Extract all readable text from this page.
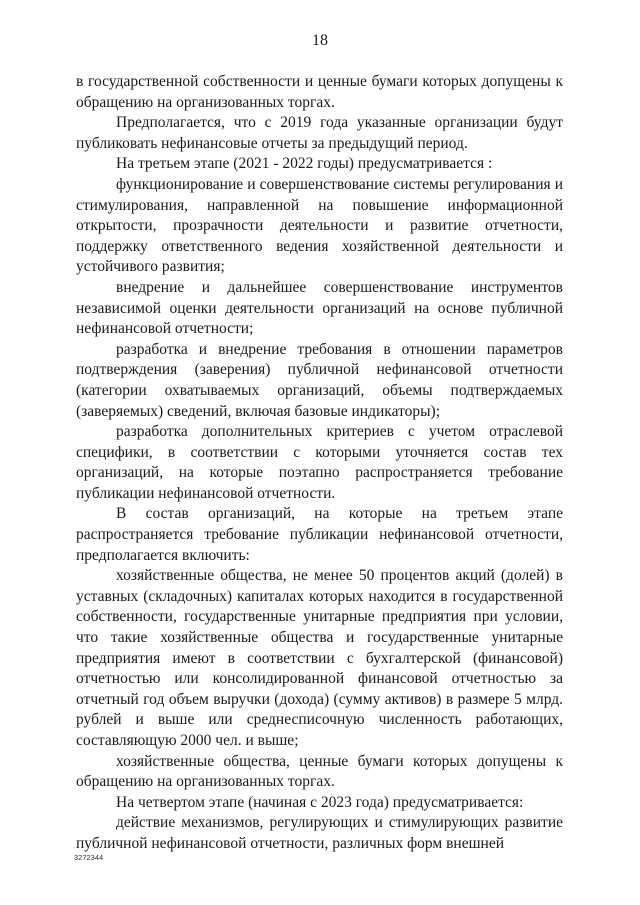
18

в государственной собственности и ценные бумаги которых допущены к обращению на организованных торгах.

Предполагается, что с 2019 года указанные организации будут публиковать нефинансовые отчеты за предыдущий период.

На третьем этапе (2021 - 2022 годы) предусматривается :

функционирование и совершенствование системы регулирования и стимулирования, направленной на повышение информационной открытости, прозрачности деятельности и развитие отчетности, поддержку ответственного ведения хозяйственной деятельности и устойчивого развития;

внедрение и дальнейшее совершенствование инструментов независимой оценки деятельности организаций на основе публичной нефинансовой отчетности;

разработка и внедрение требования в отношении параметров подтверждения (заверения) публичной нефинансовой отчетности (категории охватываемых организаций, объемы подтверждаемых (заверяемых) сведений, включая базовые индикаторы);

разработка дополнительных критериев с учетом отраслевой специфики, в соответствии с которыми уточняется состав тех организаций, на которые поэтапно распространяется требование публикации нефинансовой отчетности.

В состав организаций, на которые на третьем этапе распространяется требование публикации нефинансовой отчетности, предполагается включить:

хозяйственные общества, не менее 50 процентов акций (долей) в уставных (складочных) капиталах которых находится в государственной собственности, государственные унитарные предприятия при условии, что такие хозяйственные общества и государственные унитарные предприятия имеют в соответствии с бухгалтерской (финансовой) отчетностью или консолидированной финансовой отчетностью за отчетный год объем выручки (дохода) (сумму активов) в размере 5 млрд. рублей и выше или среднесписочную численность работающих, составляющую 2000 чел. и выше;

хозяйственные общества, ценные бумаги которых допущены к обращению на организованных торгах.

На четвертом этапе (начиная с 2023 года) предусматривается:

действие механизмов, регулирующих и стимулирующих развитие публичной нефинансовой отчетности, различных форм внешней

3272344
